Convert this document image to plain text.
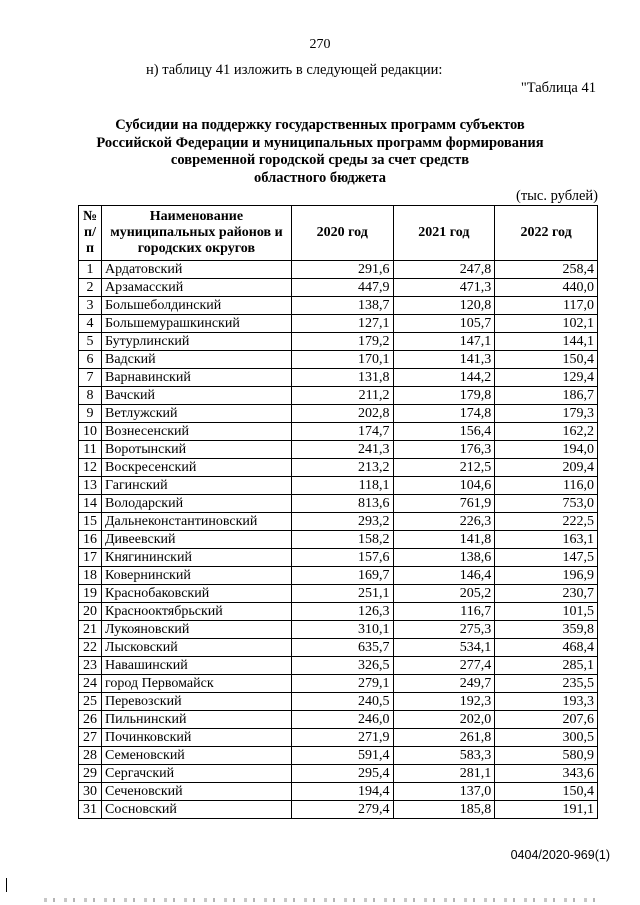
270
н) таблицу 41 изложить в следующей редакции:
"Таблица 41
Субсидии на поддержку государственных программ субъектов
Российской Федерации и муниципальных программ формирования
современной городской среды за счет средств
областного бюджета
(тыс. рублей)
№ п/п	Наименование муниципальных районов и городских округов	2020 год	2021 год	2022 год
1	Ардатовский	291,6	247,8	258,4
2	Арзамасский	447,9	471,3	440,0
3	Большеболдинский	138,7	120,8	117,0
4	Большемурашкинский	127,1	105,7	102,1
5	Бутурлинский	179,2	147,1	144,1
6	Вадский	170,1	141,3	150,4
7	Варнавинский	131,8	144,2	129,4
8	Вачский	211,2	179,8	186,7
9	Ветлужский	202,8	174,8	179,3
10	Вознесенский	174,7	156,4	162,2
11	Воротынский	241,3	176,3	194,0
12	Воскресенский	213,2	212,5	209,4
13	Гагинский	118,1	104,6	116,0
14	Володарский	813,6	761,9	753,0
15	Дальнеконстантиновский	293,2	226,3	222,5
16	Дивеевский	158,2	141,8	163,1
17	Княгининский	157,6	138,6	147,5
18	Ковернинский	169,7	146,4	196,9
19	Краснобаковский	251,1	205,2	230,7
20	Краснооктябрьский	126,3	116,7	101,5
21	Лукояновский	310,1	275,3	359,8
22	Лысковский	635,7	534,1	468,4
23	Навашинский	326,5	277,4	285,1
24	город Первомайск	279,1	249,7	235,5
25	Перевозский	240,5	192,3	193,3
26	Пильнинский	246,0	202,0	207,6
27	Починковский	271,9	261,8	300,5
28	Семеновский	591,4	583,3	580,9
29	Сергачский	295,4	281,1	343,6
30	Сеченовский	194,4	137,0	150,4
31	Сосновский	279,4	185,8	191,1
0404/2020-969(1)
